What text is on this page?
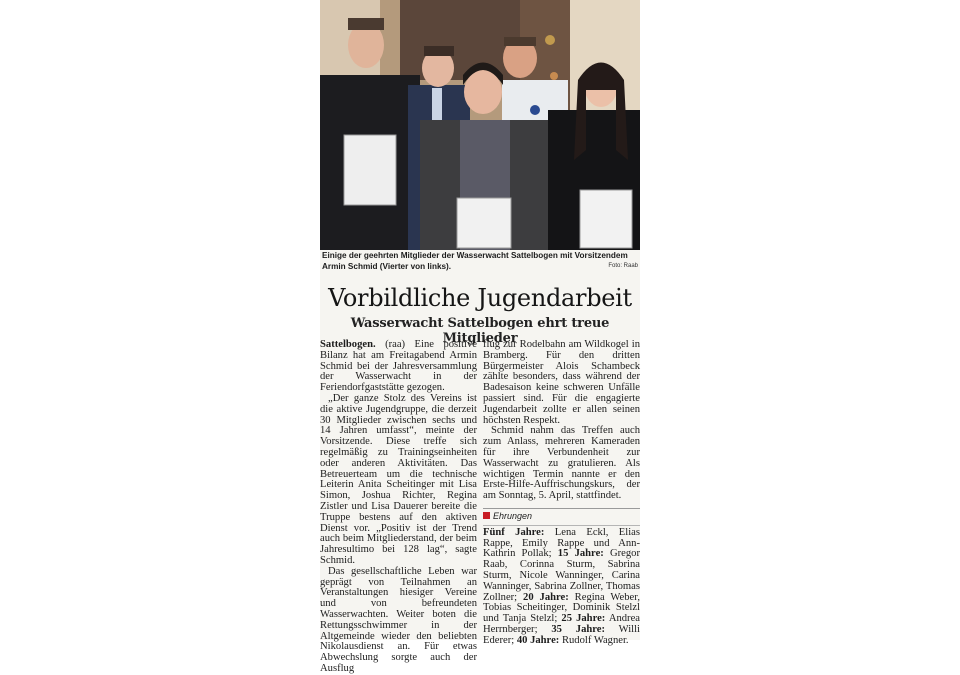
Einige der geehrten Mitglieder der Wasserwacht Sattelbogen mit Vorsitzendem
Armin Schmid (Vierter von links).	Foto: Raab
Vorbildliche Jugendarbeit
Wasserwacht Sattelbogen ehrt treue Mitglieder

Sattelbogen. (raa) Eine positive Bilanz hat am Freitagabend Armin Schmid bei der Jahresversammlung der Wasserwacht in der Feriendorfgaststätte gezogen.

„Der ganze Stolz des Vereins ist die aktive Jugendgruppe, die derzeit 30 Mitglieder zwischen sechs und 14 Jahren umfasst“, meinte der Vorsitzende. Diese treffe sich regelmäßig zu Trainingseinheiten oder anderen Aktivitäten. Das Betreuerteam um die technische Leiterin Anita Scheitinger mit Lisa Simon, Joshua Richter, Regina Zistler und Lisa Dauerer bereite die Truppe bestens auf den aktiven Dienst vor. „Positiv ist der Trend auch beim Mitgliederstand, der beim Jahresultimo bei 128 lag“, sagte Schmid.

Das gesellschaftliche Leben war geprägt von Teilnahmen an Veranstaltungen hiesiger Vereine und von befreundeten Wasserwachten. Weiter boten die Rettungsschwimmer in der Altgemeinde wieder den beliebten Nikolausdienst an. Für etwas Abwechslung sorgte auch der Ausflug

flug zur Rodelbahn am Wildkogel in Bramberg. Für den dritten Bürgermeister Alois Schambeck zählte besonders, dass während der Badesaison keine schweren Unfälle passiert sind. Für die engagierte Jugendarbeit zollte er allen seinen höchsten Respekt.

Schmid nahm das Treffen auch zum Anlass, mehreren Kameraden für ihre Verbundenheit zur Wasserwacht zu gratulieren. Als wichtigen Termin nannte er den Erste-Hilfe-Auffrischungskurs, der am Sonntag, 5. April, stattfindet.

Ehrungen

Fünf Jahre: Lena Eckl, Elias Rappe, Emily Rappe und Ann-Kathrin Pollak; 15 Jahre: Gregor Raab, Corinna Sturm, Sabrina Sturm, Nicole Wanninger, Carina Wanninger, Sabrina Zollner, Thomas Zollner; 20 Jahre: Regina Weber, Tobias Scheitinger, Dominik Stelzl und Tanja Stelzl; 25 Jahre: Andrea Herrnberger; 35 Jahre: Willi Ederer; 40 Jahre: Rudolf Wagner.
